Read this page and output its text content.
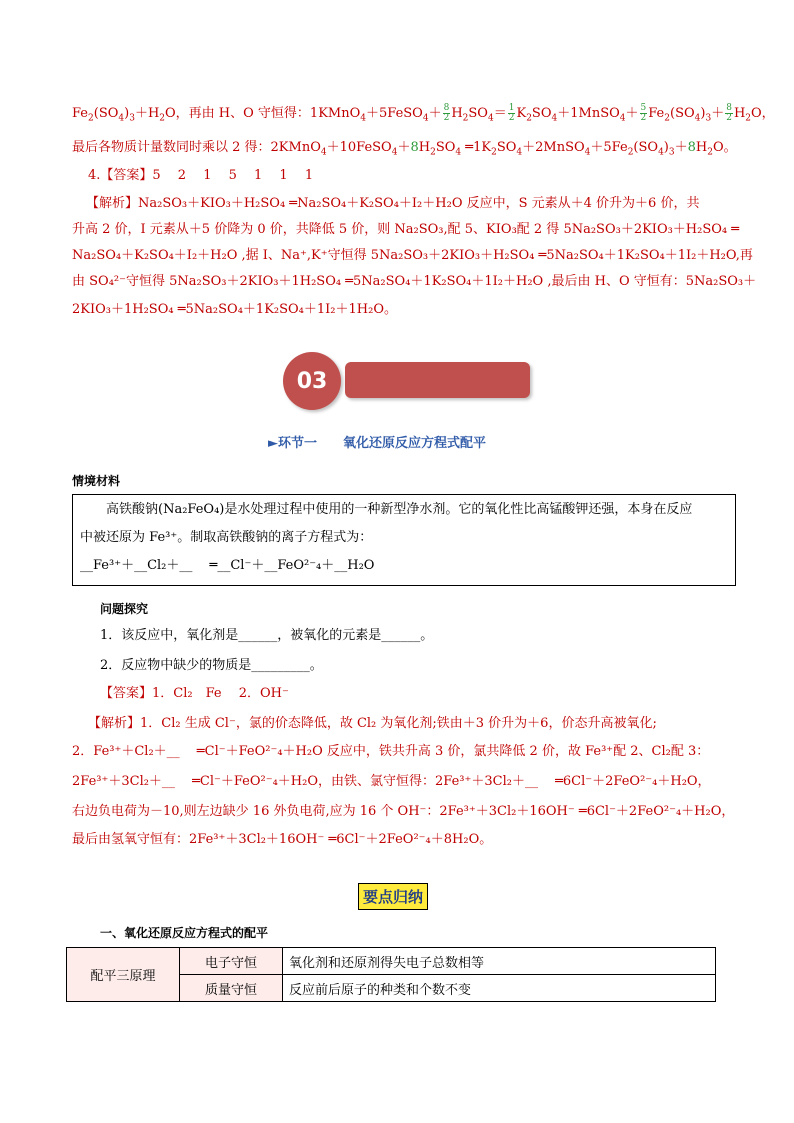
$Fe_2(SO_4)_3+H_2O$，再由 H、O 守恒得：1KMnO$_4$＋5FeSO$_4$＋ $\frac{8}{2} H_2SO_4= \frac{1}{2}$ $K_2SO_4+1MnSO_4+ \frac{5}{2} Fe_2(SO_4)_3+ \frac{8}{2} H_2O$，
最后各物质计量数同时乘以 2 得：$2KMnO_4+10FeSO_4+8H_2SO_4$ $═1K_2SO_4+2MnSO_4+5Fe_2(SO_4)_3+8H_2O$。
4.【答案】5　 2　 1　 5　 1　 1　 1
【解析】Na₂SO₃＋KIO₃＋H₂SO₄ ═Na₂SO₄＋K₂SO₄＋I₂＋H₂O 反应中，S 元素从＋4 价升为＋6 价，共
升高 2 价，I 元素从＋5 价降为 0 价，共降低 5 价，则 Na₂SO₃,配 5、KIO₃配 2 得 5Na₂SO₃＋2KIO₃＋H₂SO₄ ═
Na₂SO₄＋K₂SO₄＋I₂＋H₂O ,据 I、Na⁺,K⁺守恒得 5Na₂SO₃＋2KIO₃＋H₂SO₄ ═5Na₂SO₄＋1K₂SO₄＋1I₂＋H₂O,再
由 SO₄²⁻守恒得 5Na₂SO₃＋2KIO₃＋1H₂SO₄ ═5Na₂SO₄＋1K₂SO₄＋1I₂＋H₂O ,最后由 H、O 守恒有：5Na₂SO₃＋
2KIO₃＋1H₂SO₄ ═5Na₂SO₄＋1K₂SO₄＋1I₂＋1H₂O。
03
►环节一　　氧化还原反应方程式配平
情境材料
　　高铁酸钠(Na₂FeO₄)是水处理过程中使用的一种新型净水剂。它的氧化性比高锰酸钾还强，本身在反应
中被还原为 Fe³⁺。制取高铁酸钠的离子方程式为：
__Fe³⁺＋__Cl₂＋__　 ═__Cl⁻＋__FeO²⁻₄＋__H₂O
问题探究
1．该反应中，氧化剂是______，被氧化的元素是______。
2．反应物中缺少的物质是_________。
【答案】1．Cl₂　Fe　 2．OH⁻
【解析】1．Cl₂ 生成 Cl⁻，氯的价态降低，故 Cl₂ 为氧化剂;铁由＋3 价升为＋6，价态升高被氧化;
2．Fe³⁺＋Cl₂＋__　 ═Cl⁻＋FeO²⁻₄＋H₂O 反应中，铁共升高 3 价，氯共降低 2 价，故 Fe³⁺配 2、Cl₂配 3：
2Fe³⁺＋3Cl₂＋__　 ═Cl⁻＋FeO²⁻₄＋H₂O，由铁、氯守恒得：2Fe³⁺＋3Cl₂＋__　 ═6Cl⁻＋2FeO²⁻₄＋H₂O，
右边负电荷为－10,则左边缺少 16 外负电荷,应为 16 个 OH⁻：2Fe³⁺＋3Cl₂＋16OH⁻ ═6Cl⁻＋2FeO²⁻₄＋H₂O，
最后由氢氧守恒有：2Fe³⁺＋3Cl₂＋16OH⁻ ═6Cl⁻＋2FeO²⁻₄＋8H₂O。
要点归纳
一、氧化还原反应方程式的配平
配平三原理	电子守恒	氧化剂和还原剂得失电子总数相等
	质量守恒	反应前后原子的种类和个数不变
